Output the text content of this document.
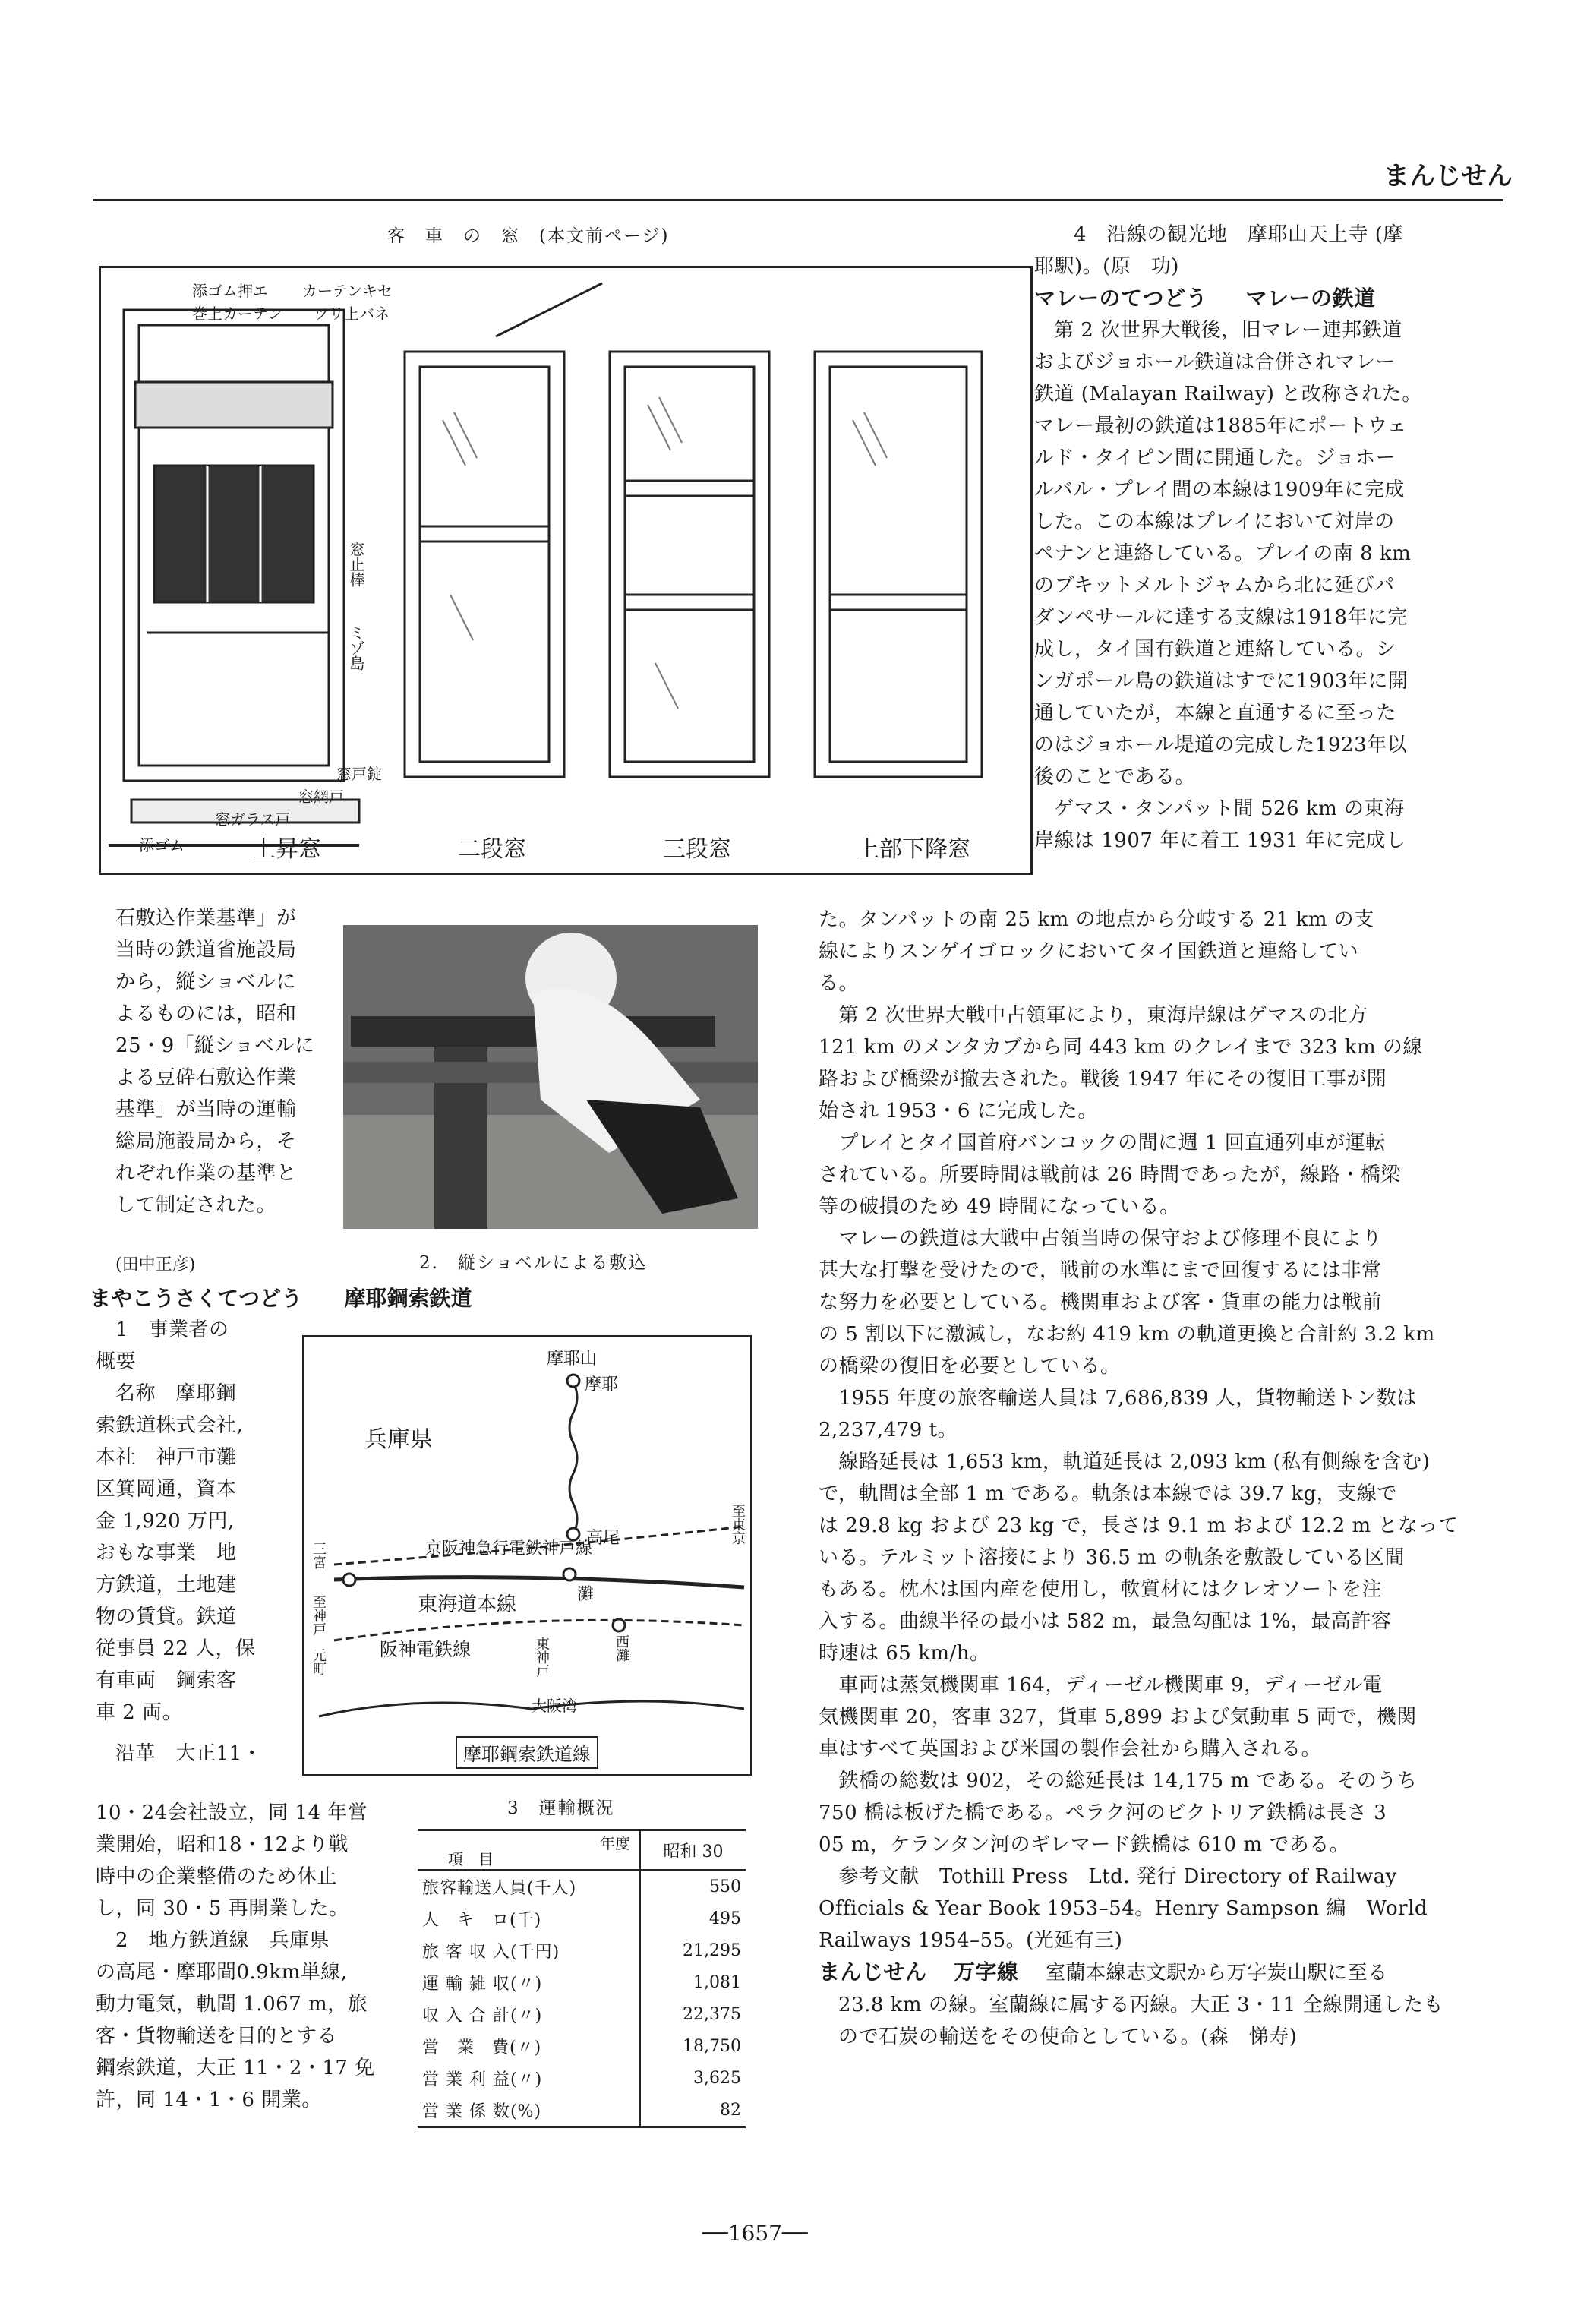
まんじせん
客　車　の　窓　(本文前ページ)
添ゴム押エ カーテンキセ
巻上カーテン ツリ上バネ
窓止棒
ミゾ島
窓戸錠
窓網戸
窓ガラス戸
添ゴム	上昇窓	二段窓	三段窓	上部下降窓
石敷込作業基準」が
当時の鉄道省施設局
から，縦ショベルに
よるものには，昭和
25・9「縦ショベルに
よる豆砕石敷込作業
基準」が当時の運輸
総局施設局から，そ
れぞれ作業の基準と
して制定された。
(田中正彦)	2.　縦ショベルによる敷込
まやこうさくてつどう 摩耶鋼索鉄道
1　事業者の
概要
名称　摩耶鋼
索鉄道株式会社,
本社　神戸市灘
区箕岡通，資本
金 1,920 万円,
おもな事業　地
方鉄道，土地建
物の賃貸。鉄道
従事員 22 人，保
有車両　鋼索客
車 2 両。
沿革　大正11・
摩耶山
摩耶
高尾
兵庫県
京阪神急行電鉄神戸線
東海道本線
阪神電鉄線
三宮
至神戸
元町
灘
東神戸	西灘
至東京
大阪湾
摩耶鋼索鉄道線
10・24会社設立，同 14 年営
業開始，昭和18・12より戦
時中の企業整備のため休止
し，同 30・5 再開業した。
2　地方鉄道線　兵庫県
の高尾・摩耶間0.9km単線,
動力電気，軌間 1.067 m，旅
客・貨物輸送を目的とする
鋼索鉄道，大正 11・2・17 免
許，同 14・1・6 開業。
3　運輸概況
年度
項　目	昭和 30
旅客輸送人員(千人)	550
人　キ　ロ(千)	495
旅 客 収 入(千円)	21,295
運 輸 雑 収(〃)	1,081
収 入 合 計(〃)	22,375
営　業　費(〃)	18,750
営 業 利 益(〃)	3,625
営 業 係 数(%)	82
4　沿線の観光地　摩耶山天上寺 (摩
耶駅)。(原　功)
マレーのてつどう マレーの鉄道
第 2 次世界大戦後，旧マレー連邦鉄道
およびジョホール鉄道は合併されマレー
鉄道 (Malayan Railway) と改称された。
マレー最初の鉄道は1885年にポートウェ
ルド・タイピン間に開通した。ジョホー
ルバル・プレイ間の本線は1909年に完成
した。この本線はプレイにおいて対岸の
ペナンと連絡している。プレイの南 8 km
のブキットメルトジャムから北に延びパ
ダンペサールに達する支線は1918年に完
成し，タイ国有鉄道と連絡している。シ
ンガポール島の鉄道はすでに1903年に開
通していたが，本線と直通するに至った
のはジョホール堤道の完成した1923年以
後のことである。
ゲマス・タンパット間 526 km の東海
岸線は 1907 年に着工 1931 年に完成し
た。タンパットの南 25 km の地点から分岐する 21 km の支
線によりスンゲイゴロックにおいてタイ国鉄道と連絡してい
る。
　第 2 次世界大戦中占領軍により，東海岸線はゲマスの北方
121 km のメンタカブから同 443 km のクレイまで 323 km の線
路および橋梁が撤去された。戦後 1947 年にその復旧工事が開
始され 1953・6 に完成した。
　プレイとタイ国首府バンコックの間に週 1 回直通列車が運転
されている。所要時間は戦前は 26 時間であったが，線路・橋梁
等の破損のため 49 時間になっている。
　マレーの鉄道は大戦中占領当時の保守および修理不良により
甚大な打撃を受けたので，戦前の水準にまで回復するには非常
な努力を必要としている。機関車および客・貨車の能力は戦前
の 5 割以下に激減し，なお約 419 km の軌道更換と合計約 3.2 km
の橋梁の復旧を必要としている。
　1955 年度の旅客輸送人員は 7,686,839 人，貨物輸送トン数は
2,237,479 t。
　線路延長は 1,653 km，軌道延長は 2,093 km (私有側線を含む)
で，軌間は全部 1 m である。軌条は本線では 39.7 kg，支線で
は 29.8 kg および 23 kg で，長さは 9.1 m および 12.2 m となって
いる。テルミット溶接により 36.5 m の軌条を敷設している区間
もある。枕木は国内産を使用し，軟質材にはクレオソートを注
入する。曲線半径の最小は 582 m，最急勾配は 1%，最高許容
時速は 65 km/h。
　車両は蒸気機関車 164，ディーゼル機関車 9，ディーゼル電
気機関車 20，客車 327，貨車 5,899 および気動車 5 両で，機関
車はすべて英国および米国の製作会社から購入される。
　鉄橋の総数は 902，その総延長は 14,175 m である。そのうち
750 橋は板げた橋である。ペラク河のビクトリア鉄橋は長さ 3
05 m，ケランタン河のギレマード鉄橋は 610 m である。
　参考文献　Tothill Press　Ltd. 発行 Directory of Railway
Officials & Year Book 1953–54。Henry Sampson 編　World
Railways 1954–55。(光延有三)
まんじせん 万字線 室蘭本線志文駅から万字炭山駅に至る
23.8 km の線。室蘭線に属する丙線。大正 3・11 全線開通したも
ので石炭の輸送をその使命としている。(森　悌寿)
──1657──
